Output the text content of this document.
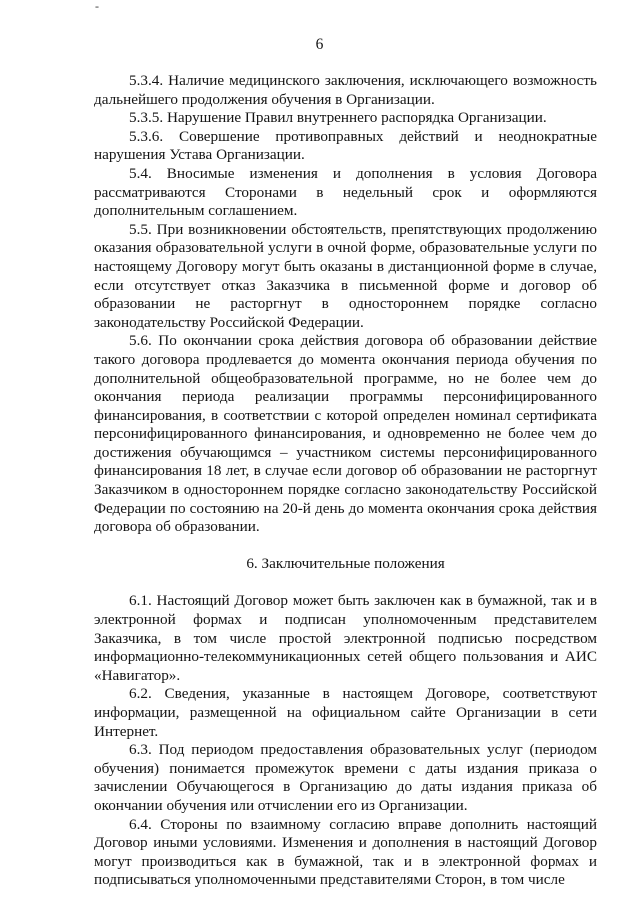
-
6

5.3.4. Наличие медицинского заключения, исключающего возможность дальнейшего продолжения обучения в Организации.

5.3.5. Нарушение Правил внутреннего распорядка Организации.

5.3.6. Совершение противоправных действий и неоднократные нарушения Устава Организации.

5.4. Вносимые изменения и дополнения в условия Договора рассматриваются Сторонами в недельный срок и оформляются дополнительным соглашением.

5.5. При возникновении обстоятельств, препятствующих продолжению оказания образовательной услуги в очной форме, образовательные услуги по настоящему Договору могут быть оказаны в дистанционной форме в случае, если отсутствует отказ Заказчика в письменной форме и договор об образовании не расторгнут в одностороннем порядке согласно законодательству Российской Федерации.

5.6. По окончании срока действия договора об образовании действие такого договора продлевается до момента окончания периода обучения по дополнительной общеобразовательной программе, но не более чем до окончания периода реализации программы персонифицированного финансирования, в соответствии с которой определен номинал сертификата персонифицированного финансирования, и одновременно не более чем до достижения обучающимся – участником системы персонифицированного финансирования 18 лет, в случае если договор об образовании не расторгнут Заказчиком в одностороннем порядке согласно законодательству Российской Федерации по состоянию на 20-й день до момента окончания срока действия договора об образовании.

6. Заключительные положения

6.1. Настоящий Договор может быть заключен как в бумажной, так и в электронной формах и подписан уполномоченным представителем Заказчика, в том числе простой электронной подписью посредством информационно-телекоммуникационных сетей общего пользования и АИС «Навигатор».

6.2. Сведения, указанные в настоящем Договоре, соответствуют информации, размещенной на официальном сайте Организации в сети Интернет.

6.3. Под периодом предоставления образовательных услуг (периодом обучения) понимается промежуток времени с даты издания приказа о зачислении Обучающегося в Организацию до даты издания приказа об окончании обучения или отчислении его из Организации.

6.4. Стороны по взаимному согласию вправе дополнить настоящий Договор иными условиями. Изменения и дополнения в настоящий Договор могут производиться как в бумажной, так и в электронной формах и подписываться уполномоченными представителями Сторон, в том числе
